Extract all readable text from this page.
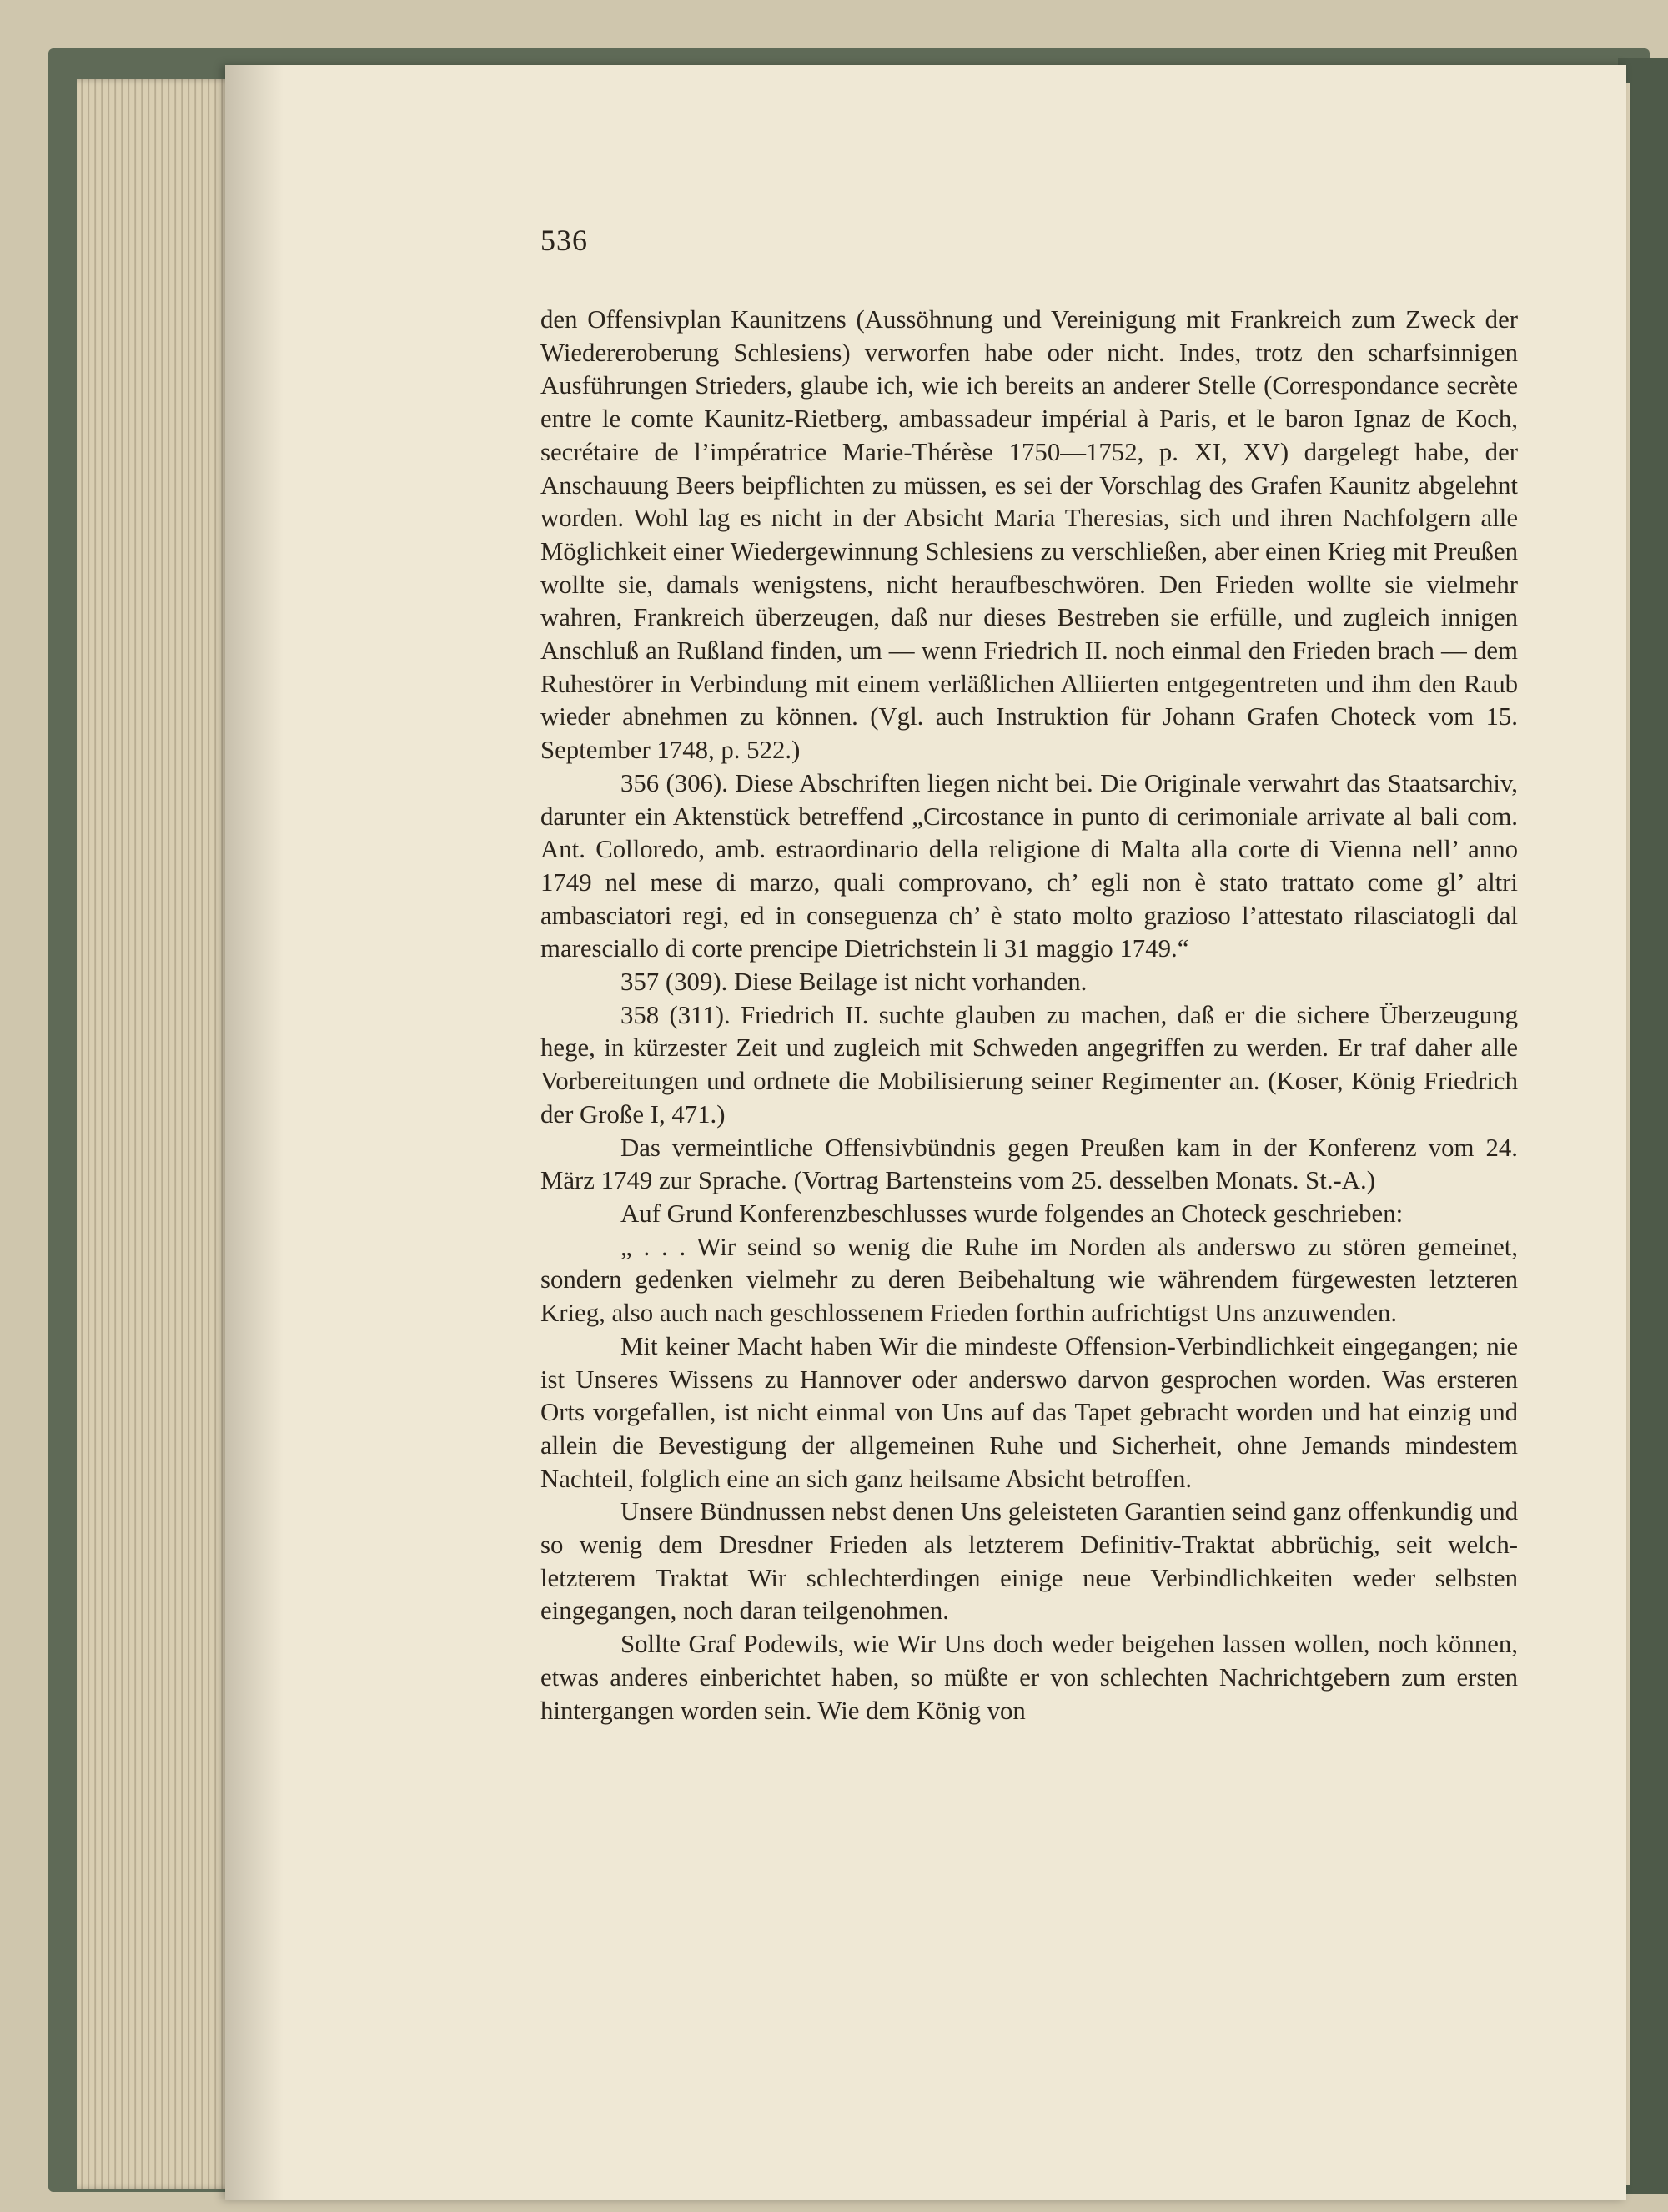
536

den Offensivplan Kaunitzens (Aussöhnung und Vereinigung mit Frankreich zum Zweck der Wiedereroberung Schlesiens) verworfen habe oder nicht. Indes, trotz den scharfsinnigen Ausführungen Strieders, glaube ich, wie ich bereits an anderer Stelle (Correspondance secrète entre le comte Kaunitz-Rietberg, ambassadeur impérial à Paris, et le baron Ignaz de Koch, secrétaire de l’impératrice Marie-Thérèse 1750—1752, p. XI, XV) dargelegt habe, der Anschauung Beers beipflichten zu müssen, es sei der Vorschlag des Grafen Kaunitz abgelehnt worden. Wohl lag es nicht in der Absicht Maria Theresias, sich und ihren Nachfolgern alle Möglichkeit einer Wiedergewinnung Schlesiens zu verschließen, aber einen Krieg mit Preußen wollte sie, damals wenigstens, nicht heraufbeschwören. Den Frieden wollte sie vielmehr wahren, Frankreich überzeugen, daß nur dieses Bestreben sie erfülle, und zugleich innigen Anschluß an Rußland finden, um — wenn Friedrich II. noch einmal den Frieden brach — dem Ruhestörer in Verbindung mit einem verläßlichen Alliierten entgegentreten und ihm den Raub wieder abnehmen zu können. (Vgl. auch Instruktion für Johann Grafen Choteck vom 15. September 1748, p. 522.)

356 (306). Diese Abschriften liegen nicht bei. Die Originale verwahrt das Staatsarchiv, darunter ein Aktenstück betreffend „Circostance in punto di cerimoniale arrivate al bali com. Ant. Colloredo, amb. estraordinario della religione di Malta alla corte di Vienna nell’ anno 1749 nel mese di marzo, quali comprovano, ch’ egli non è stato trattato come gl’ altri ambasciatori regi, ed in conseguenza ch’ è stato molto grazioso l’attestato rilasciatogli dal maresciallo di corte prencipe Dietrichstein li 31 maggio 1749.“

357 (309). Diese Beilage ist nicht vorhanden.

358 (311). Friedrich II. suchte glauben zu machen, daß er die sichere Überzeugung hege, in kürzester Zeit und zugleich mit Schweden angegriffen zu werden. Er traf daher alle Vorbereitungen und ordnete die Mobilisierung seiner Regimenter an. (Koser, König Friedrich der Große I, 471.)

Das vermeintliche Offensivbündnis gegen Preußen kam in der Konferenz vom 24. März 1749 zur Sprache. (Vortrag Bartensteins vom 25. desselben Monats. St.-A.)

Auf Grund Konferenzbeschlusses wurde folgendes an Choteck geschrieben:

„ . . . Wir seind so wenig die Ruhe im Norden als anderswo zu stören gemeinet, sondern gedenken vielmehr zu deren Beibehaltung wie währendem fürgewesten letzteren Krieg, also auch nach geschlossenem Frieden forthin aufrichtigst Uns anzuwenden.

Mit keiner Macht haben Wir die mindeste Offension-Verbindlichkeit eingegangen; nie ist Unseres Wissens zu Hannover oder anderswo darvon gesprochen worden. Was ersteren Orts vorgefallen, ist nicht einmal von Uns auf das Tapet gebracht worden und hat einzig und allein die Bevestigung der allgemeinen Ruhe und Sicherheit, ohne Jemands mindestem Nachteil, folglich eine an sich ganz heilsame Absicht betroffen.

Unsere Bündnussen nebst denen Uns geleisteten Garantien seind ganz offenkundig und so wenig dem Dresdner Frieden als letzterem Definitiv-Traktat abbrüchig, seit welch- letzterem Traktat Wir schlechterdingen einige neue Verbindlichkeiten weder selbsten eingegangen, noch daran teilgenohmen.

Sollte Graf Podewils, wie Wir Uns doch weder beigehen lassen wollen, noch können, etwas anderes einberichtet haben, so müßte er von schlechten Nachrichtgebern zum ersten hintergangen worden sein. Wie dem König von
